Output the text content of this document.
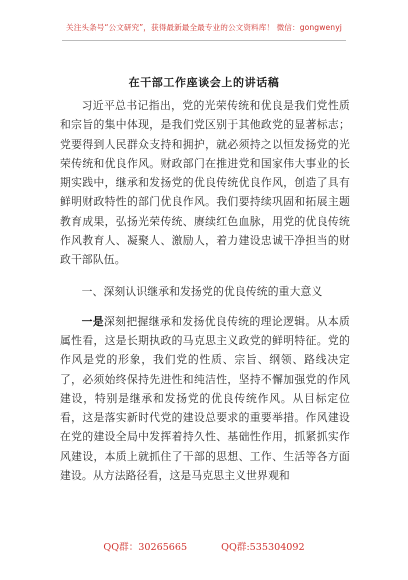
关注头条号“公文研究”，获得最新最全最专业的公文资料库！ 微信：gongwenyj
在干部工作座谈会上的讲话稿

习近平总书记指出，党的光荣传统和优良是我们党性质和宗旨的集中体现，是我们党区别于其他政党的显著标志；党要得到人民群众支持和拥护，就必须持之以恒发扬党的光荣传统和优良作风。财政部门在推进党和国家伟大事业的长期实践中，继承和发扬党的优良传统优良作风，创造了具有鲜明财政特性的部门优良作风。我们要持续巩固和拓展主题教育成果，弘扬光荣传统、赓续红色血脉，用党的优良传统作风教育人、凝聚人、激励人，着力建设忠诚干净担当的财政干部队伍。

一、深刻认识继承和发扬党的优良传统的重大意义

一是深刻把握继承和发扬优良传统的理论逻辑。从本质属性看，这是长期执政的马克思主义政党的鲜明特征。党的作风是党的形象，我们党的性质、宗旨、纲领、路线决定了，必须始终保持先进性和纯洁性，坚持不懈加强党的作风建设，特别是继承和发扬党的优良传统作风。从目标定位看，这是落实新时代党的建设总要求的重要举措。作风建设在党的建设全局中发挥着持久性、基础性作用，抓紧抓实作风建设，本质上就抓住了干部的思想、工作、生活等各方面建设。从方法路径看，这是马克思主义世界观和

QQ群：30265665	QQ群:535304092
